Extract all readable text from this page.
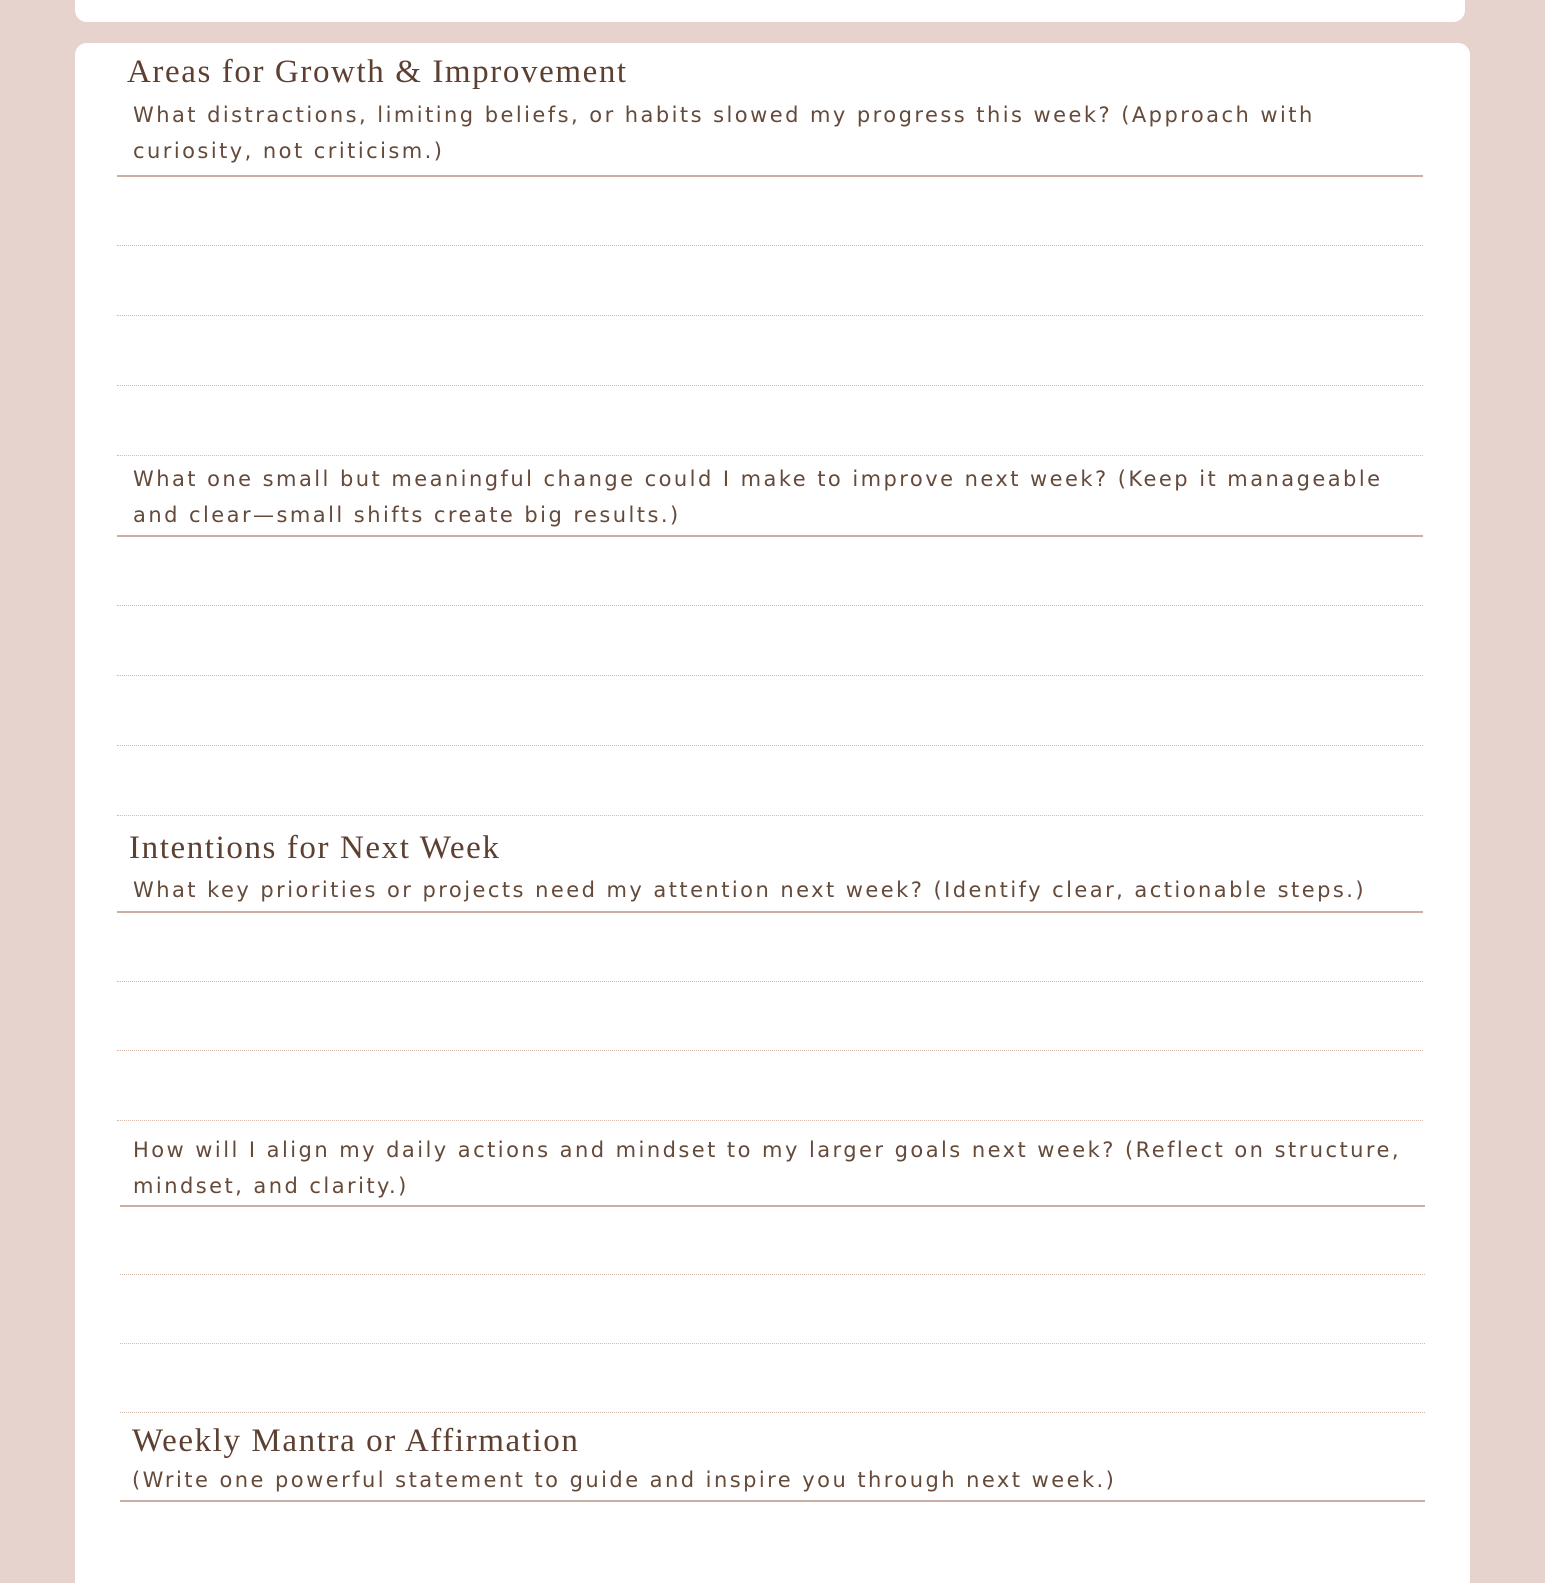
Areas for Growth & Improvement
What distractions, limiting beliefs, or habits slowed my progress this week? (Approach with curiosity, not criticism.)
What one small but meaningful change could I make to improve next week? (Keep it manageable and clear—small shifts create big results.)
Intentions for Next Week
What key priorities or projects need my attention next week? (Identify clear, actionable steps.)
How will I align my daily actions and mindset to my larger goals next week? (Reflect on structure, mindset, and clarity.)
Weekly Mantra or Affirmation
(Write one powerful statement to guide and inspire you through next week.)
